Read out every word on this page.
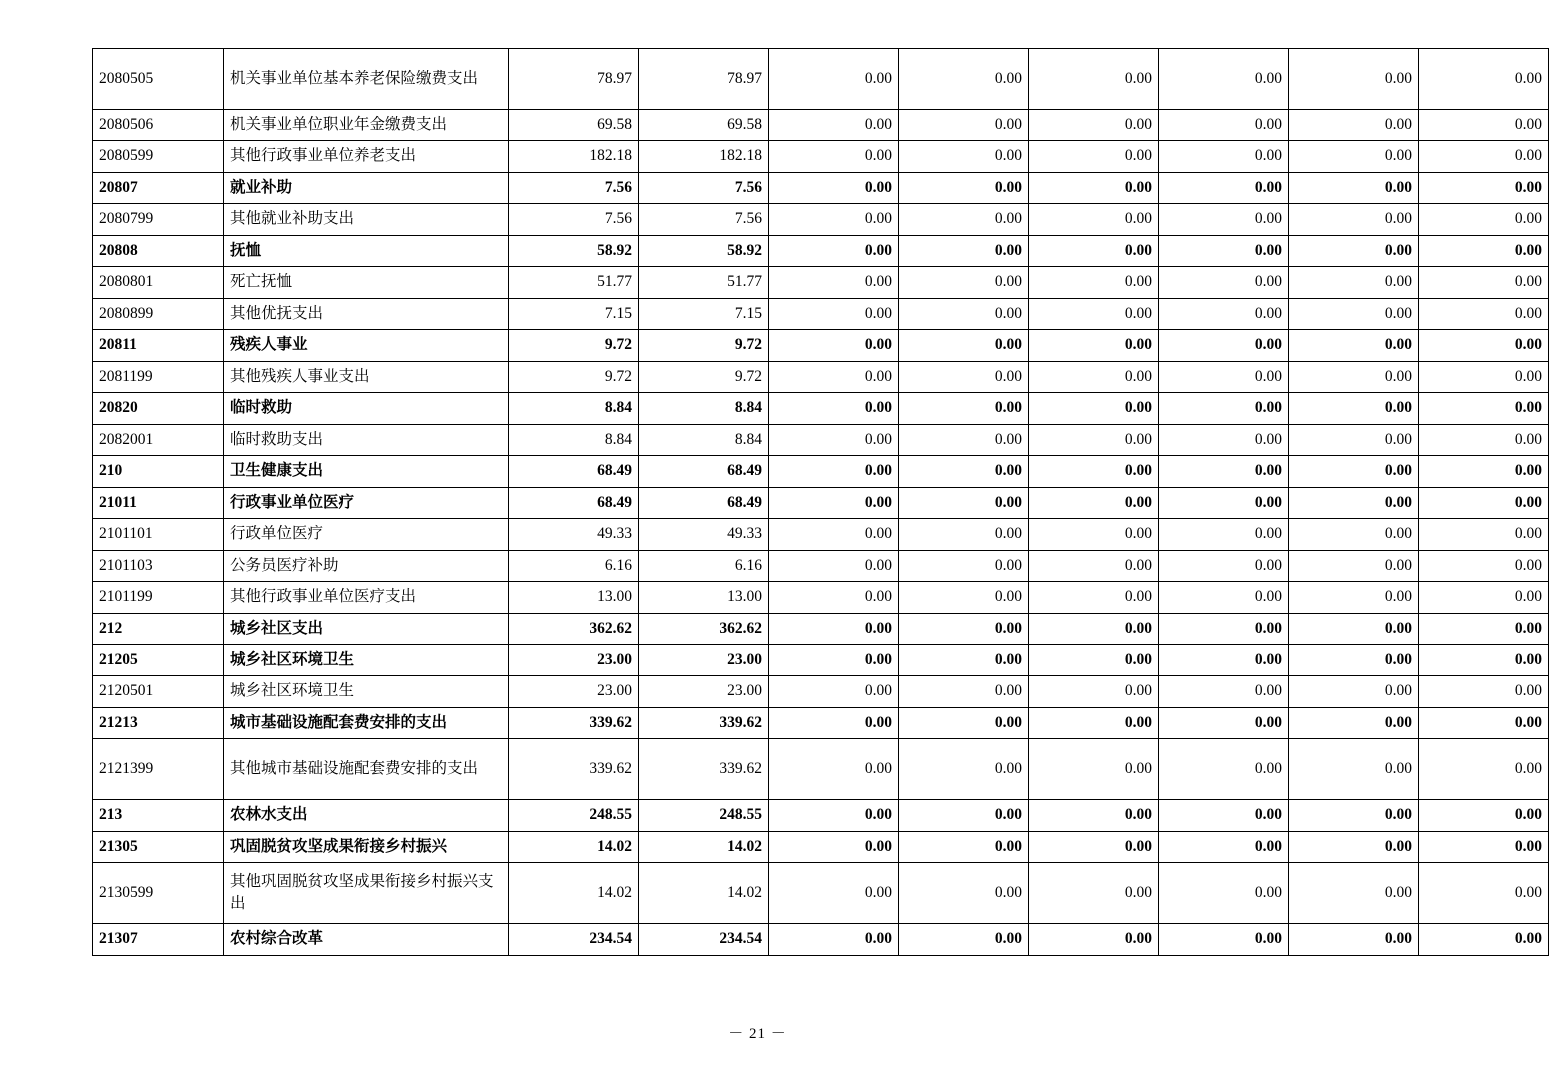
2080505	机关事业单位基本养老保险缴费支出	78.97	78.97	0.00	0.00	0.00	0.00	0.00	0.00
2080506	机关事业单位职业年金缴费支出	69.58	69.58	0.00	0.00	0.00	0.00	0.00	0.00
2080599	其他行政事业单位养老支出	182.18	182.18	0.00	0.00	0.00	0.00	0.00	0.00
20807	就业补助	7.56	7.56	0.00	0.00	0.00	0.00	0.00	0.00
2080799	其他就业补助支出	7.56	7.56	0.00	0.00	0.00	0.00	0.00	0.00
20808	抚恤	58.92	58.92	0.00	0.00	0.00	0.00	0.00	0.00
2080801	死亡抚恤	51.77	51.77	0.00	0.00	0.00	0.00	0.00	0.00
2080899	其他优抚支出	7.15	7.15	0.00	0.00	0.00	0.00	0.00	0.00
20811	残疾人事业	9.72	9.72	0.00	0.00	0.00	0.00	0.00	0.00
2081199	其他残疾人事业支出	9.72	9.72	0.00	0.00	0.00	0.00	0.00	0.00
20820	临时救助	8.84	8.84	0.00	0.00	0.00	0.00	0.00	0.00
2082001	临时救助支出	8.84	8.84	0.00	0.00	0.00	0.00	0.00	0.00
210	卫生健康支出	68.49	68.49	0.00	0.00	0.00	0.00	0.00	0.00
21011	行政事业单位医疗	68.49	68.49	0.00	0.00	0.00	0.00	0.00	0.00
2101101	行政单位医疗	49.33	49.33	0.00	0.00	0.00	0.00	0.00	0.00
2101103	公务员医疗补助	6.16	6.16	0.00	0.00	0.00	0.00	0.00	0.00
2101199	其他行政事业单位医疗支出	13.00	13.00	0.00	0.00	0.00	0.00	0.00	0.00
212	城乡社区支出	362.62	362.62	0.00	0.00	0.00	0.00	0.00	0.00
21205	城乡社区环境卫生	23.00	23.00	0.00	0.00	0.00	0.00	0.00	0.00
2120501	城乡社区环境卫生	23.00	23.00	0.00	0.00	0.00	0.00	0.00	0.00
21213	城市基础设施配套费安排的支出	339.62	339.62	0.00	0.00	0.00	0.00	0.00	0.00
2121399	其他城市基础设施配套费安排的支出	339.62	339.62	0.00	0.00	0.00	0.00	0.00	0.00
213	农林水支出	248.55	248.55	0.00	0.00	0.00	0.00	0.00	0.00
21305	巩固脱贫攻坚成果衔接乡村振兴	14.02	14.02	0.00	0.00	0.00	0.00	0.00	0.00
2130599	其他巩固脱贫攻坚成果衔接乡村振兴支出	14.02	14.02	0.00	0.00	0.00	0.00	0.00	0.00
21307	农村综合改革	234.54	234.54	0.00	0.00	0.00	0.00	0.00	0.00
－ 21 －
